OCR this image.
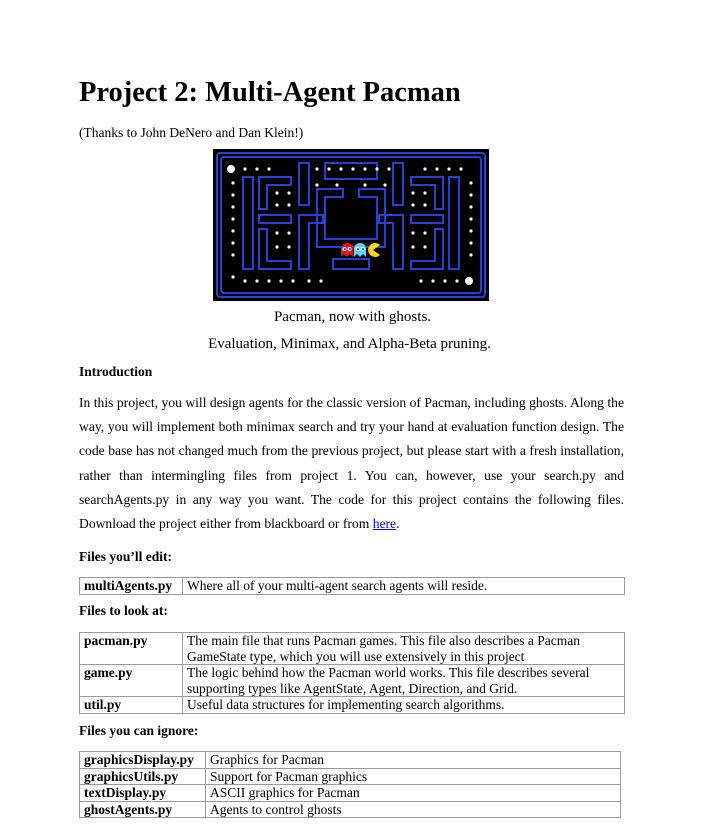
Project 2: Multi-Agent Pacman
(Thanks to John DeNero and Dan Klein!)
Pacman, now with ghosts.
Evaluation, Minimax, and Alpha-Beta pruning.
Introduction

In this project, you will design agents for the classic version of Pacman, including ghosts. Along the way, you will implement both minimax search and try your hand at evaluation function design. The code base has not changed much from the previous project, but please start with a fresh installation, rather than intermingling files from project 1. You can, however, use your search.py and searchAgents.py in any way you want. The code for this project contains the following files. Download the project either from blackboard or from here.

Files you’ll edit:
multiAgents.py	Where all of your multi-agent search agents will reside.
Files to look at:
pacman.py	The main file that runs Pacman games. This file also describes a Pacman GameState type, which you will use extensively in this project
game.py	The logic behind how the Pacman world works. This file describes several supporting types like AgentState, Agent, Direction, and Grid.
util.py	Useful data structures for implementing search algorithms.
Files you can ignore:
graphicsDisplay.py	Graphics for Pacman
graphicsUtils.py	Support for Pacman graphics
textDisplay.py	ASCII graphics for Pacman
ghostAgents.py	Agents to control ghosts
